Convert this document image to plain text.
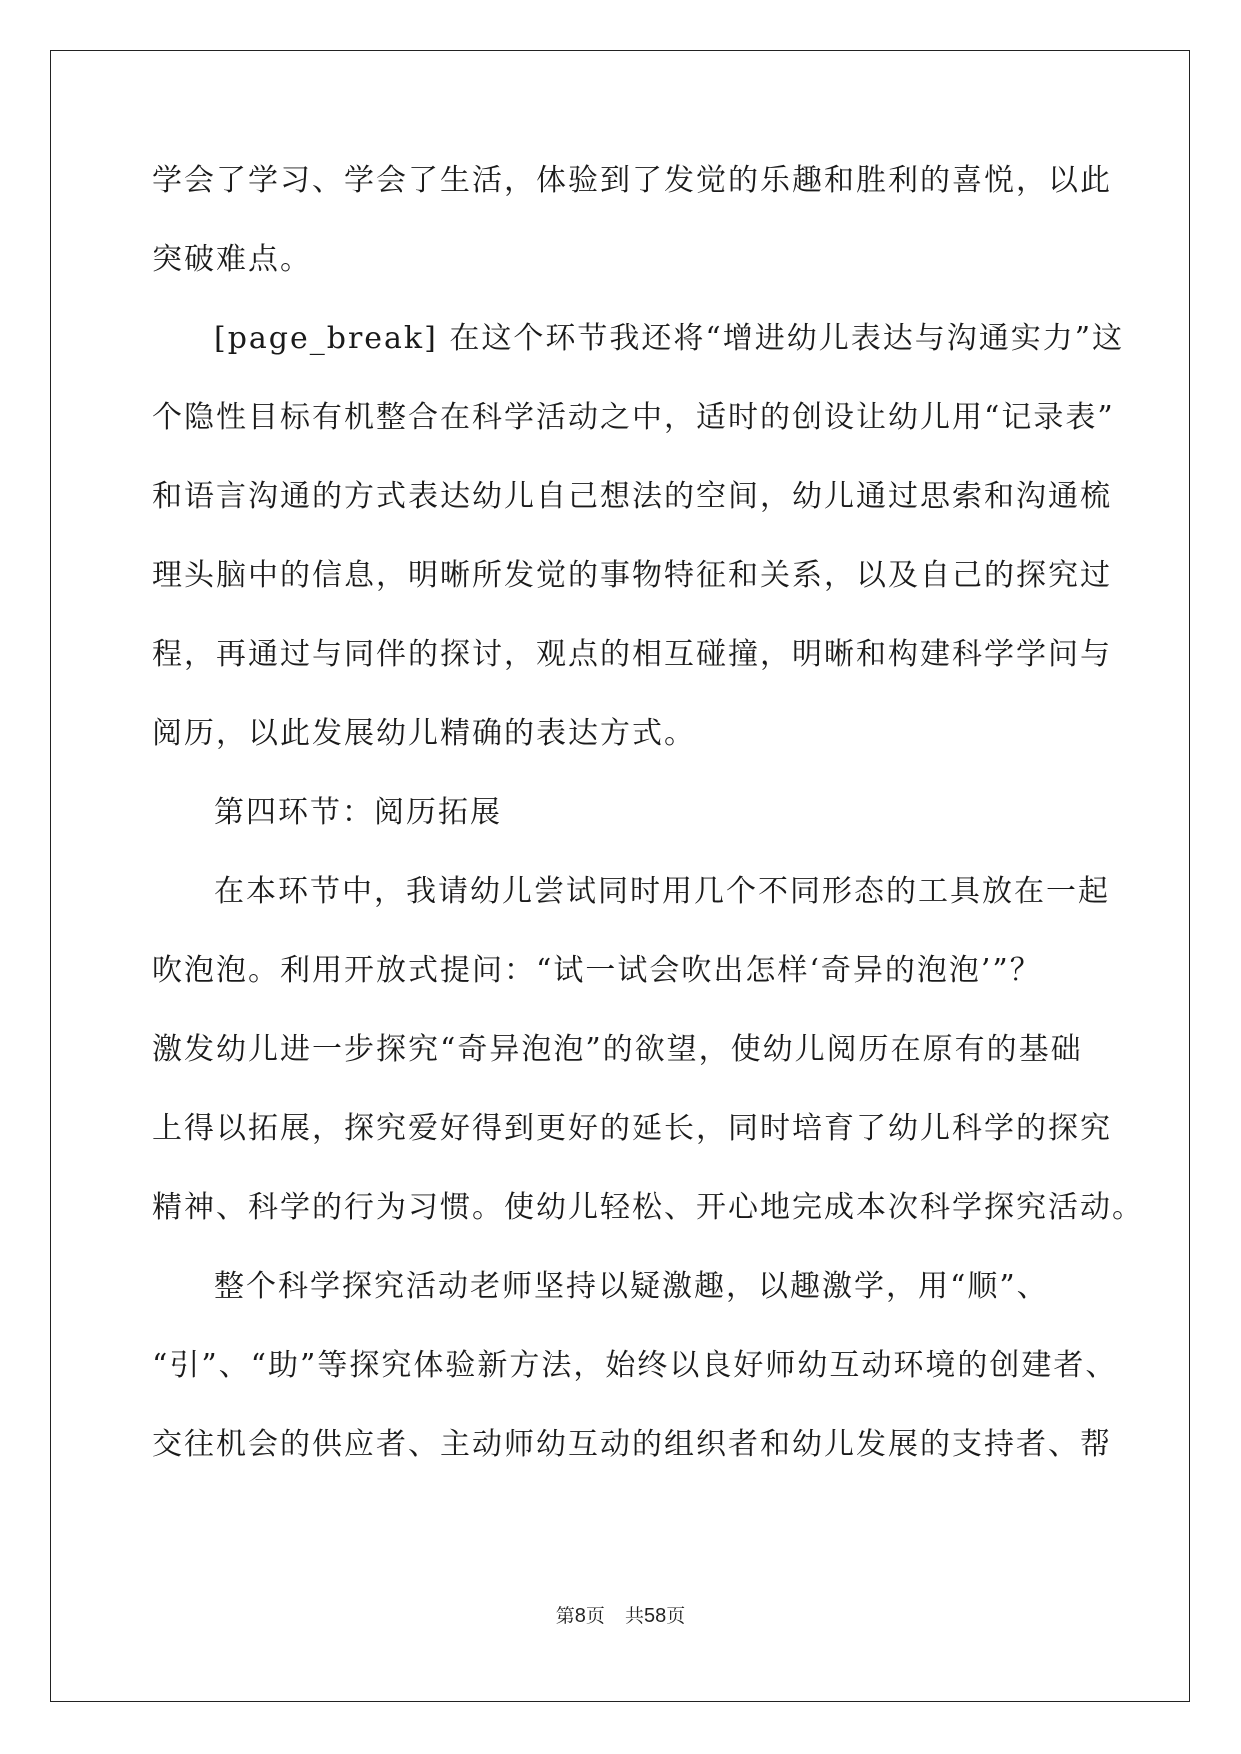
学会了学习、学会了生活，体验到了发觉的乐趣和胜利的喜悦，以此
突破难点。
[page_break] 在这个环节我还将“增进幼儿表达与沟通实力”这
个隐性目标有机整合在科学活动之中，适时的创设让幼儿用“记录表”
和语言沟通的方式表达幼儿自己想法的空间，幼儿通过思索和沟通梳
理头脑中的信息，明晰所发觉的事物特征和关系，以及自己的探究过
程，再通过与同伴的探讨，观点的相互碰撞，明晰和构建科学学问与
阅历，以此发展幼儿精确的表达方式。
第四环节：阅历拓展
在本环节中，我请幼儿尝试同时用几个不同形态的工具放在一起
吹泡泡。利用开放式提问：“试一试会吹出怎样‘奇异的泡泡’”？
激发幼儿进一步探究“奇异泡泡”的欲望，使幼儿阅历在原有的基础
上得以拓展，探究爱好得到更好的延长，同时培育了幼儿科学的探究
精神、科学的行为习惯。使幼儿轻松、开心地完成本次科学探究活动。
整个科学探究活动老师坚持以疑激趣，以趣激学，用“顺”、
“引”、“助”等探究体验新方法，始终以良好师幼互动环境的创建者、
交往机会的供应者、主动师幼互动的组织者和幼儿发展的支持者、帮
第8页 共58页
